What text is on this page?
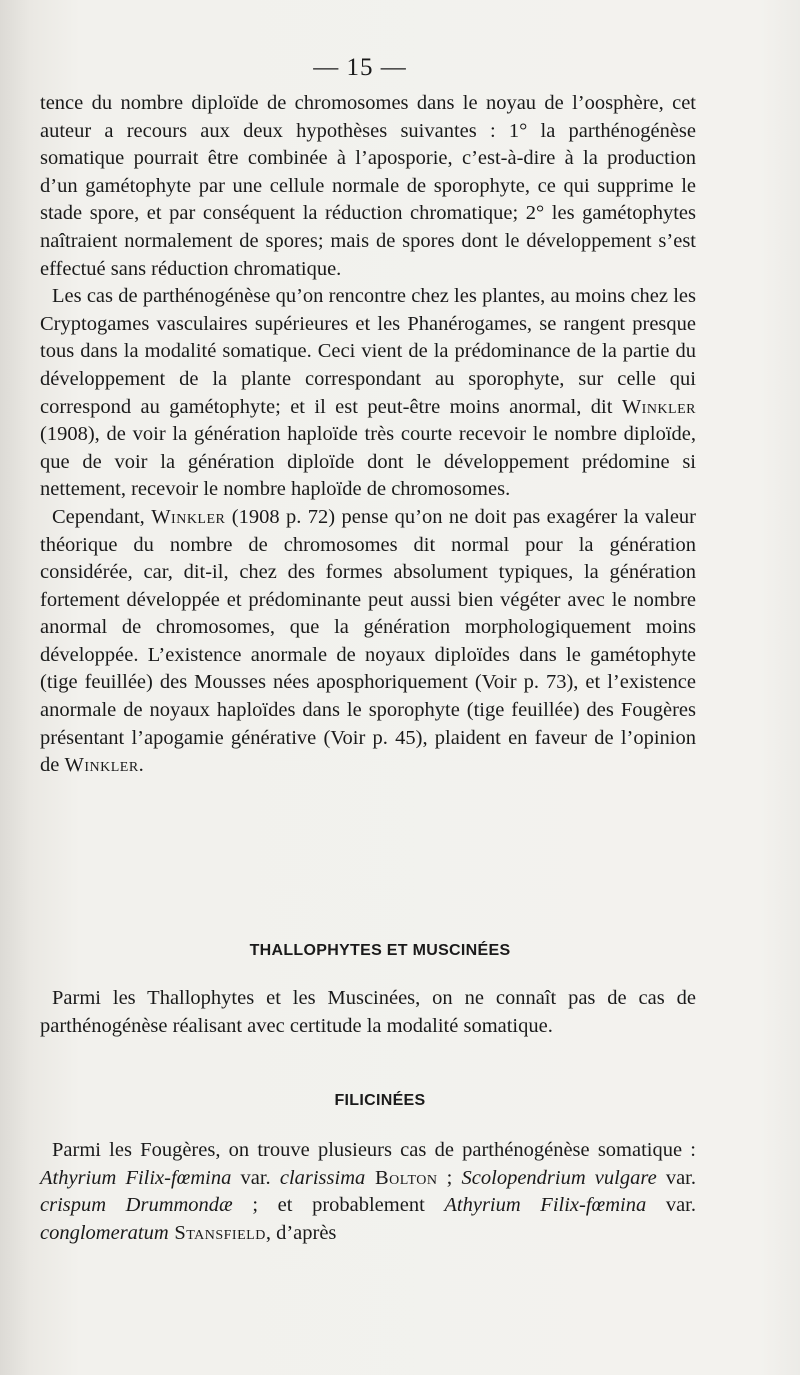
— 15 —

tence du nombre diploïde de chromosomes dans le noyau de l’oosphère, cet auteur a recours aux deux hypothèses suivantes : 1° la parthénogénèse somatique pourrait être combinée à l’aposporie, c’est-à-dire à la production d’un gamétophyte par une cellule normale de sporophyte, ce qui supprime le stade spore, et par conséquent la réduction chromatique; 2° les gamétophytes naîtraient normalement de spores; mais de spores dont le développement s’est effectué sans réduction chromatique.

Les cas de parthénogénèse qu’on rencontre chez les plantes, au moins chez les Cryptogames vasculaires supérieures et les Phanérogames, se rangent presque tous dans la modalité somatique. Ceci vient de la prédominance de la partie du développement de la plante correspondant au sporophyte, sur celle qui correspond au gamétophyte; et il est peut-être moins anormal, dit Winkler (1908), de voir la génération haploïde très courte recevoir le nombre diploïde, que de voir la génération diploïde dont le développement prédomine si nettement, recevoir le nombre haploïde de chromosomes.

Cependant, Winkler (1908 p. 72) pense qu’on ne doit pas exagérer la valeur théorique du nombre de chromosomes dit normal pour la génération considérée, car, dit-il, chez des formes absolument typiques, la génération fortement développée et prédominante peut aussi bien végéter avec le nombre anormal de chromosomes, que la génération morphologiquement moins développée. L’existence anormale de noyaux diploïdes dans le gamétophyte (tige feuillée) des Mousses nées aposphoriquement (Voir p. 73), et l’existence anormale de noyaux haploïdes dans le sporophyte (tige feuillée) des Fougères présentant l’apogamie générative (Voir p. 45), plaident en faveur de l’opinion de Winkler.

THALLOPHYTES ET MUSCINÉES

Parmi les Thallophytes et les Muscinées, on ne connaît pas de cas de parthénogénèse réalisant avec certitude la modalité somatique.

FILICINÉES

Parmi les Fougères, on trouve plusieurs cas de parthénogénèse somatique : Athyrium Filix-fœmina var. clarissima Bolton ; Scolopendrium vulgare var. crispum Drummondæ ; et probablement Athyrium Filix-fœmina var. conglomeratum Stansfield, d’après
